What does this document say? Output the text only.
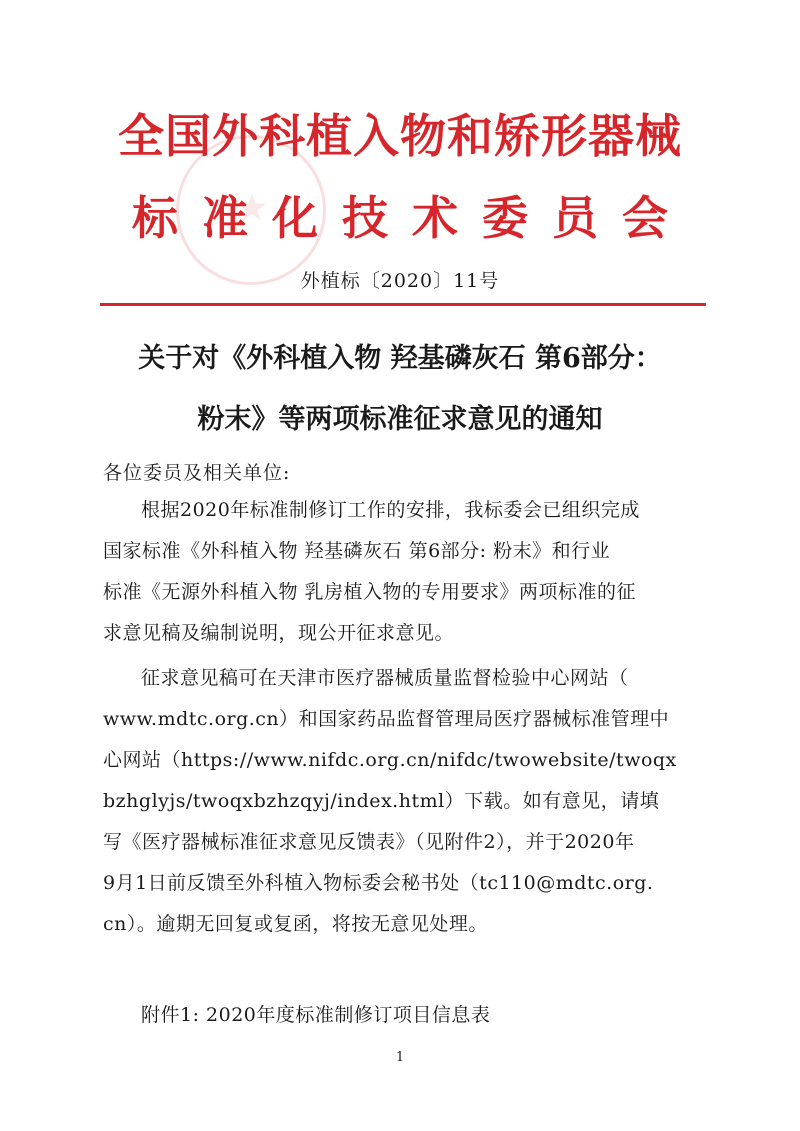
全国外科植入物和矫形器械
标准化技术委员会
外植标〔2020〕11号
关于对《外科植入物 羟基磷灰石 第6部分：
粉末》等两项标准征求意见的通知
各位委员及相关单位:
根据2020年标准制修订工作的安排，我标委会已组织完成
国家标准《外科植入物 羟基磷灰石 第6部分: 粉末》和行业
标准《无源外科植入物 乳房植入物的专用要求》两项标准的征
求意见稿及编制说明，现公开征求意见。
征求意见稿可在天津市医疗器械质量监督检验中心网站（
www.mdtc.org.cn）和国家药品监督管理局医疗器械标准管理中
心网站（https://www.nifdc.org.cn/nifdc/twowebsite/twoqx
bzhglyjs/twoqxbzhzqyj/index.html）下载。如有意见，请填
写《医疗器械标准征求意见反馈表》（见附件2），并于2020年
9月1日前反馈至外科植入物标委会秘书处（tc110@mdtc.org.
cn）。逾期无回复或复函，将按无意见处理。
附件1: 2020年度标准制修订项目信息表
1
